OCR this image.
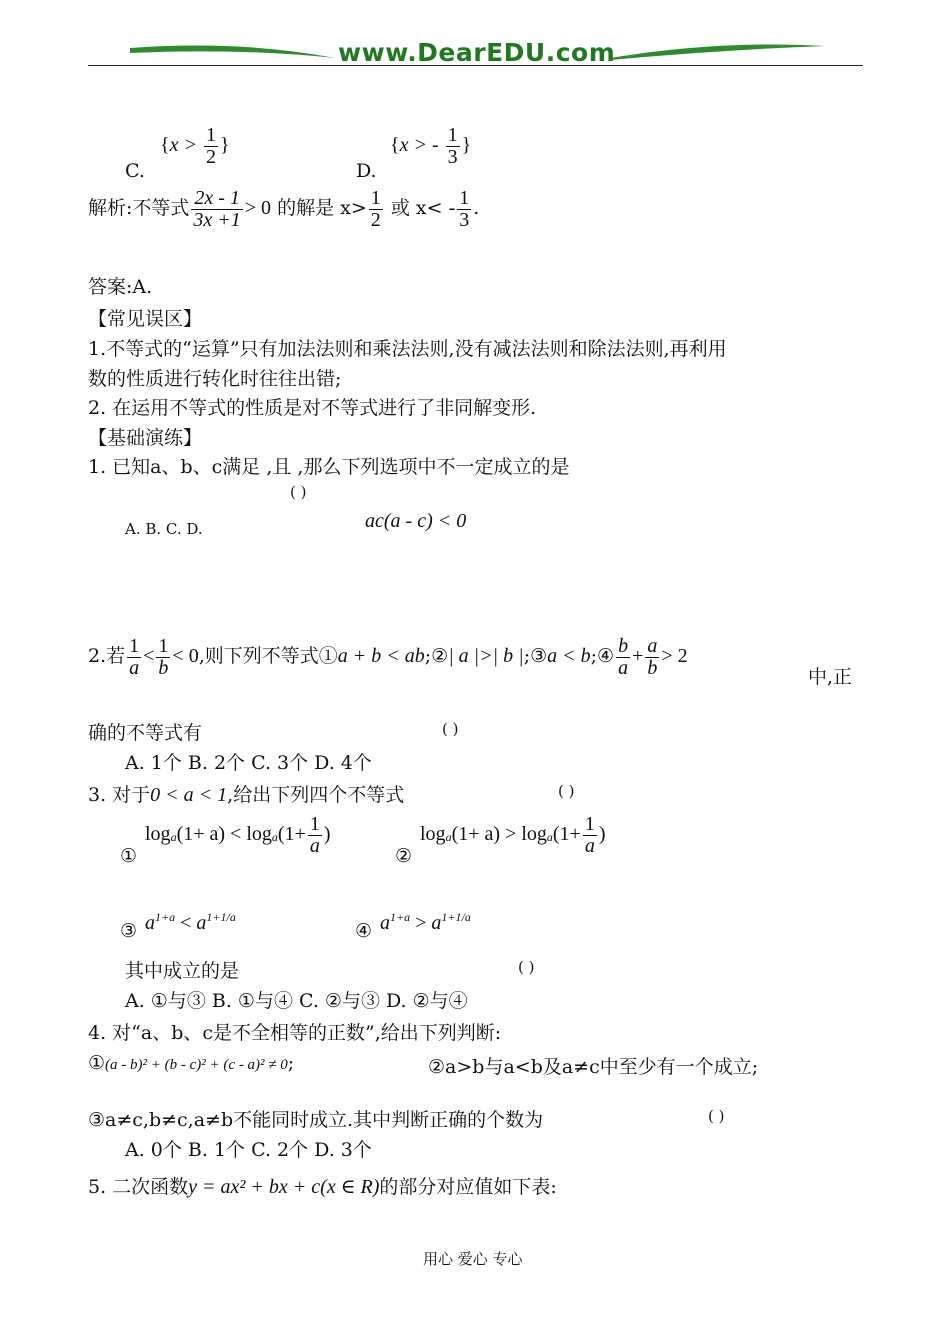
www.DearEDU.com
C.
{$x > \frac{1}{2}$ }
D.
{x > - $\frac{1}{3}$ }
解析:不等式 $\frac{2x - 1}{3x +1} > 0$ 的解是 $x> \frac{1}{2}$ 或 $x< - \frac{1}{3}$ .
答案:A.
【常见误区】
1.不等式的“运算”只有加法法则和乘法法则,没有减法法则和除法法则,再利用
数的性质进行转化时往往出错;
2. 在运用不等式的性质是对不等式进行了非同解变形.
【基础演练】
1. 已知a、b、c满足 ,且 ,那么下列选项中不一定成立的是
( )
A. B. C. D.	ac(a - c) < 0
2.若 $\frac{1}{a} < \frac{1}{b} < 0$,则下列不等式①a + b < ab;②| a |>| b |;③a < b;④ $\frac{b}{a} + \frac{a}{b} > 2$
中,正
确的不等式有	( )
A. 1个 B. 2个 C. 3个 D. 4个
3. 对于0 < a < 1,给出下列四个不等式	( )
①
$\log a(1+ a) < \log a(1+ \frac{1}{a}$ )
②
$\log a(1+ a) > \log a(1+ \frac{1}{a}$ )
③ $a^{1+a} < a^{1+1/a}$
④ $a^{1+a} > a^{1+1/a}$
其中成立的是	( )
A. ①与③ B. ①与④ C. ②与③ D. ②与④
4. 对“a、b、c是不全相等的正数”,给出下列判断:
①(a - b)² + (b - c)² + (c - a)² ≠ 0;	②a>b与a<b及a≠c中至少有一个成立;
③a≠c,b≠c,a≠b不能同时成立.其中判断正确的个数为	( )
A. 0个 B. 1个 C. 2个 D. 3个
5. 二次函数y = ax² + bx + c(x ∈ R)的部分对应值如下表:
用心 爱心 专心
